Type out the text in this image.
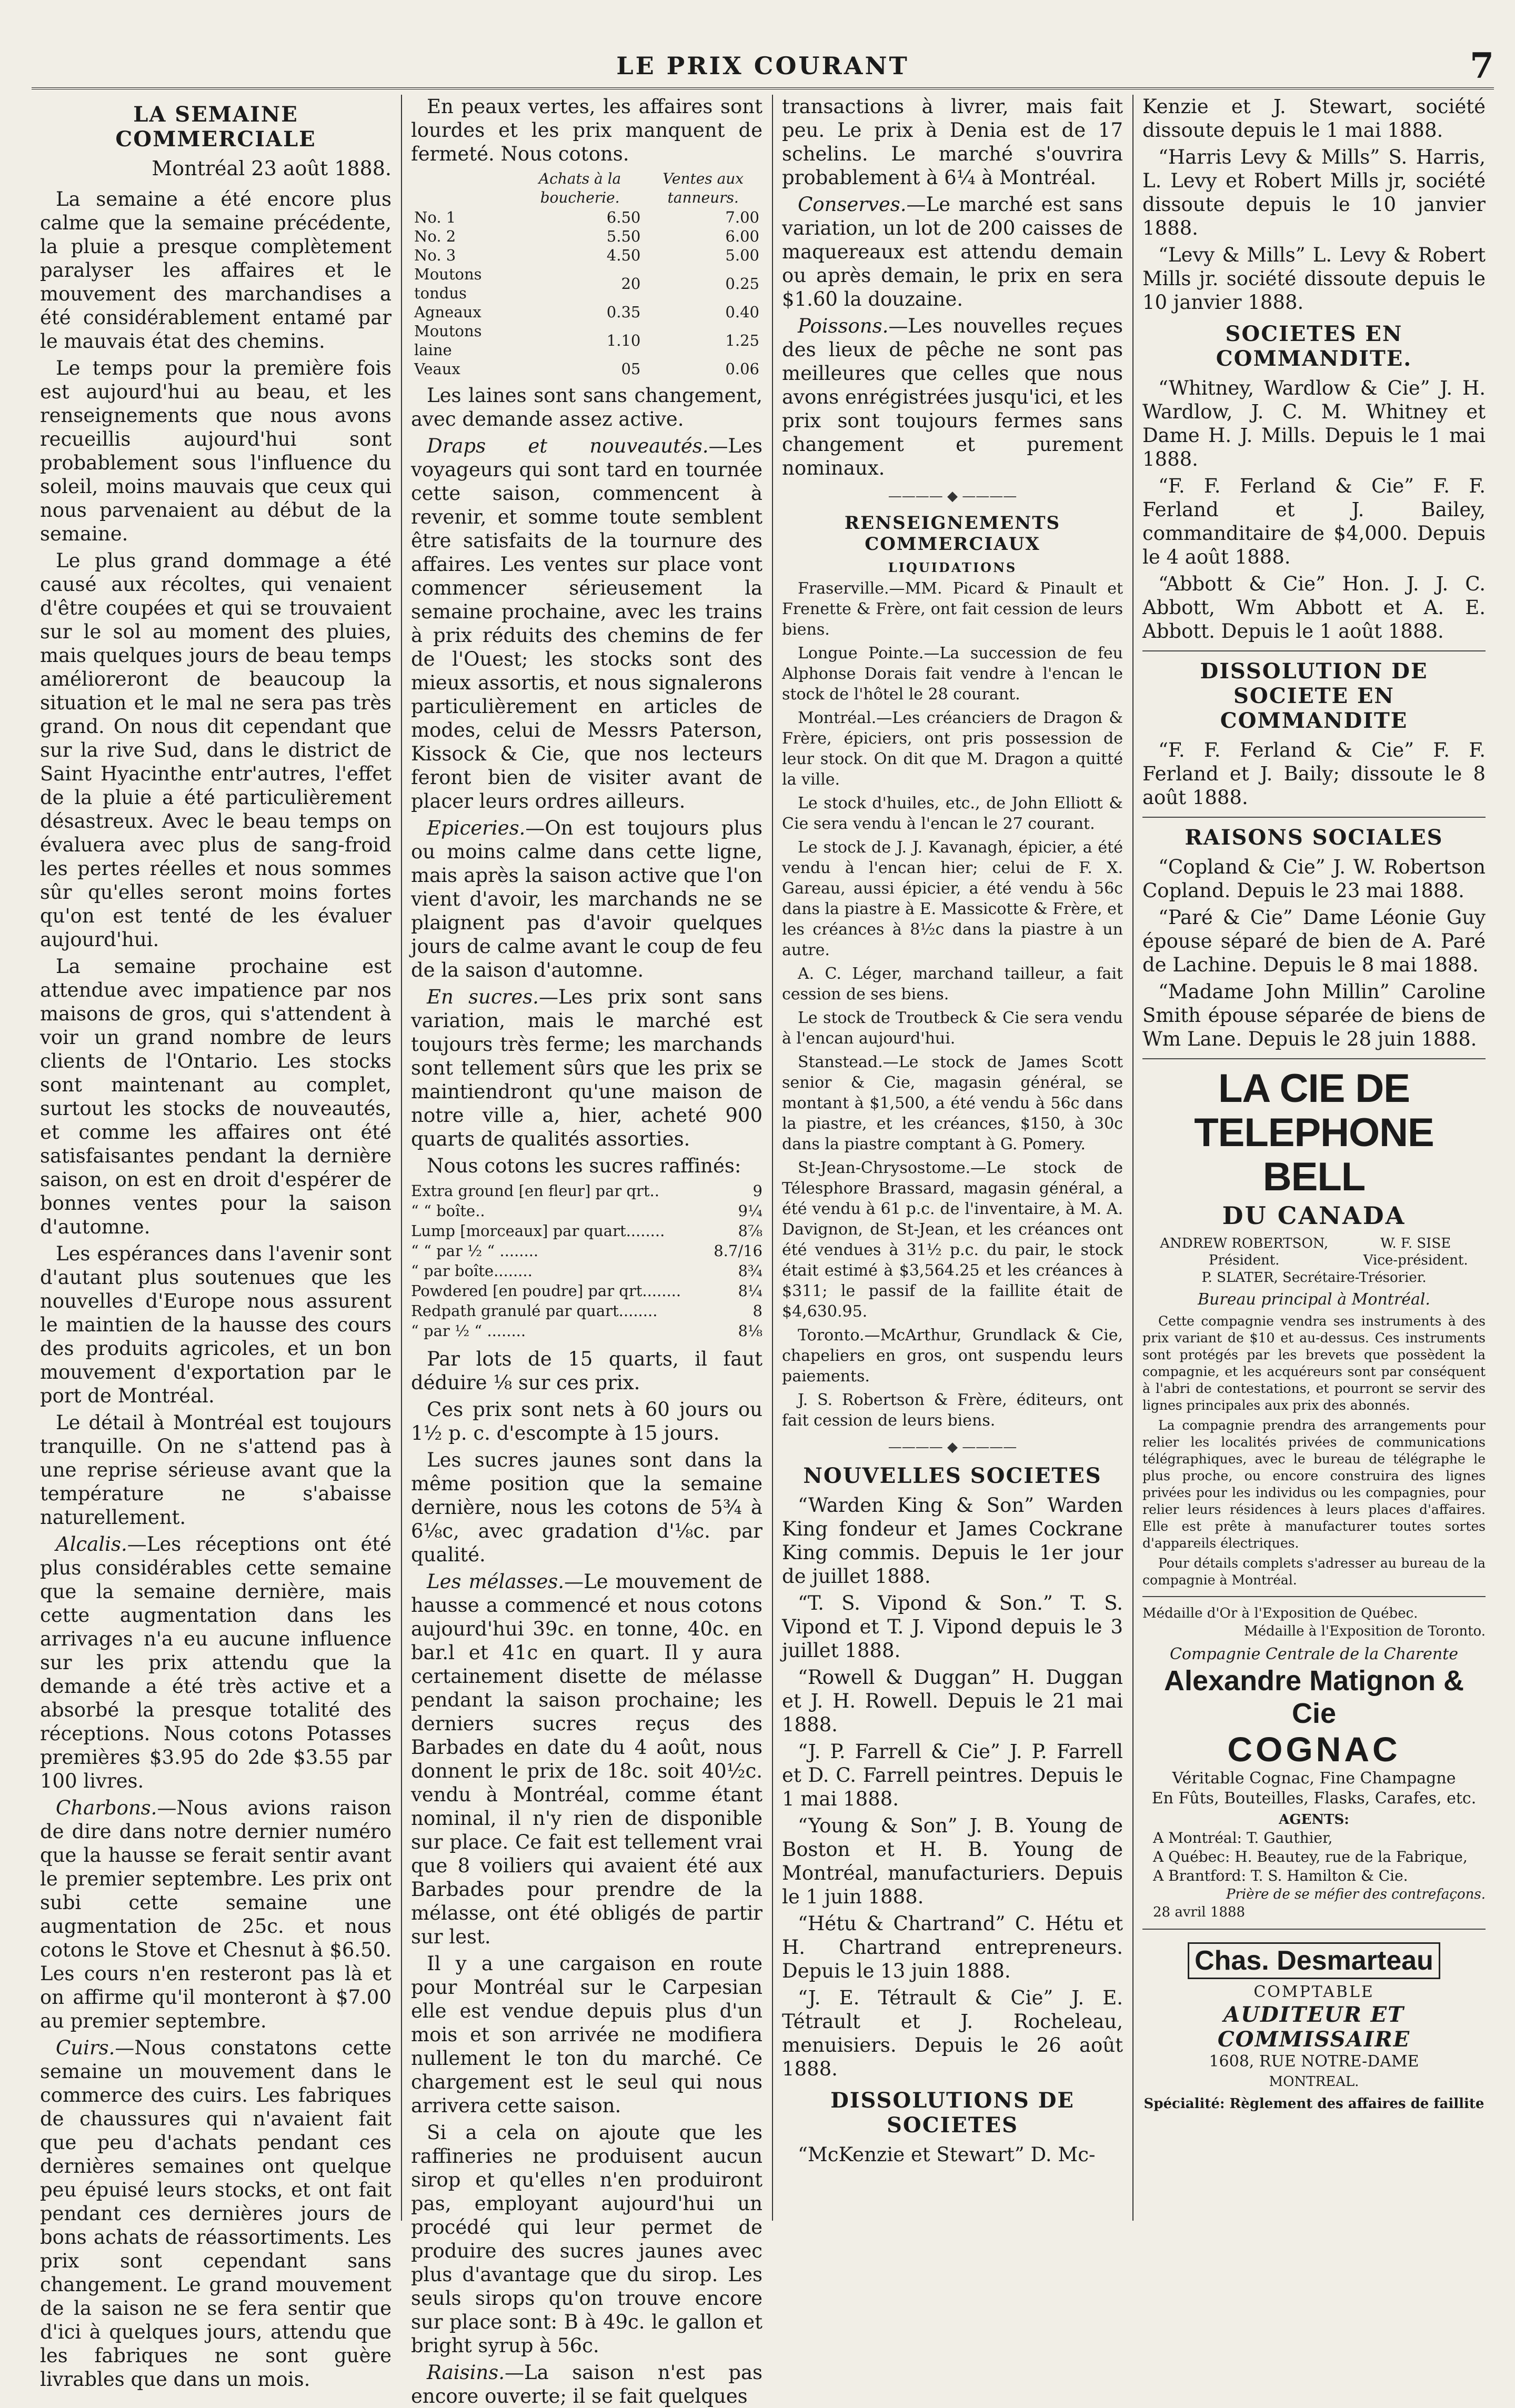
LE PRIX COURANT	7
LA SEMAINE COMMERCIALE
Montréal 23 août 1888.

La semaine a été encore plus calme que la semaine précédente, la pluie a presque complètement paralyser les affaires et le mouvement des marchandises a été considérablement entamé par le mauvais état des chemins.

Le temps pour la première fois est aujourd'hui au beau, et les renseignements que nous avons recueillis aujourd'hui sont probablement sous l'influence du soleil, moins mauvais que ceux qui nous parvenaient au début de la semaine.

Le plus grand dommage a été causé aux récoltes, qui venaient d'être coupées et qui se trouvaient sur le sol au moment des pluies, mais quelques jours de beau temps amélioreront de beaucoup la situation et le mal ne sera pas très grand. On nous dit cependant que sur la rive Sud, dans le district de Saint Hyacinthe entr'autres, l'effet de la pluie a été particulièrement désastreux. Avec le beau temps on évaluera avec plus de sang-froid les pertes réelles et nous sommes sûr qu'elles seront moins fortes qu'on est tenté de les évaluer aujourd'hui.

La semaine prochaine est attendue avec impatience par nos maisons de gros, qui s'attendent à voir un grand nombre de leurs clients de l'Ontario. Les stocks sont maintenant au complet, surtout les stocks de nouveautés, et comme les affaires ont été satisfaisantes pendant la dernière saison, on est en droit d'espérer de bonnes ventes pour la saison d'automne.

Les espérances dans l'avenir sont d'autant plus soutenues que les nouvelles d'Europe nous assurent le maintien de la hausse des cours des produits agricoles, et un bon mouvement d'exportation par le port de Montréal.

Le détail à Montréal est toujours tranquille. On ne s'attend pas à une reprise sérieuse avant que la température ne s'abaisse naturellement.

Alcalis.—Les réceptions ont été plus considérables cette semaine que la semaine dernière, mais cette augmentation dans les arrivages n'a eu aucune influence sur les prix attendu que la demande a été très active et a absorbé la presque totalité des réceptions. Nous cotons Potasses premières $3.95 do 2de $3.55 par 100 livres.

Charbons.—Nous avions raison de dire dans notre dernier numéro que la hausse se ferait sentir avant le premier septembre. Les prix ont subi cette semaine une augmentation de 25c. et nous cotons le Stove et Chesnut à $6.50. Les cours n'en resteront pas là et on affirme qu'il monteront à $7.00 au premier septembre.

Cuirs.—Nous constatons cette semaine un mouvement dans le commerce des cuirs. Les fabriques de chaussures qui n'avaient fait que peu d'achats pendant ces dernières semaines ont quelque peu épuisé leurs stocks, et ont fait pendant ces dernières jours de bons achats de réassortiments. Les prix sont cependant sans changement. Le grand mouvement de la saison ne se fera sentir que d'ici à quelques jours, attendu que les fabriques ne sont guère livrables que dans un mois.

En peaux vertes, les affaires sont lourdes et les prix manquent de fermeté. Nous cotons.

	Achats à la boucherie.	Ventes aux tanneurs.
No. 1	6.50	7.00
No. 2	5.50	6.00
No. 3	4.50	5.00
Moutons tondus	20	0.25
Agneaux	0.35	0.40
Moutons laine	1.10	1.25
Veaux	05	0.06

Les laines sont sans changement, avec demande assez active.

Draps et nouveautés.—Les voyageurs qui sont tard en tournée cette saison, commencent à revenir, et somme toute semblent être satisfaits de la tournure des affaires. Les ventes sur place vont commencer sérieusement la semaine prochaine, avec les trains à prix réduits des chemins de fer de l'Ouest; les stocks sont des mieux assortis, et nous signalerons particulièrement en articles de modes, celui de Messrs Paterson, Kissock & Cie, que nos lecteurs feront bien de visiter avant de placer leurs ordres ailleurs.

Epiceries.—On est toujours plus ou moins calme dans cette ligne, mais après la saison active que l'on vient d'avoir, les marchands ne se plaignent pas d'avoir quelques jours de calme avant le coup de feu de la saison d'automne.

En sucres.—Les prix sont sans variation, mais le marché est toujours très ferme; les marchands sont tellement sûrs que les prix se maintiendront qu'une maison de notre ville a, hier, acheté 900 quarts de qualités assorties.

Nous cotons les sucres raffinés:

Extra ground [en fleur] par qrt..	9
“ “ boîte..	9¼
Lump [morceaux] par quart........	8⅞
“ “ par ½ “ ........	8.7/16
“ par boîte........	8¾
Powdered [en poudre] par qrt........	8¼
Redpath granulé par quart........	8
“ par ½ “ ........	8⅛

Par lots de 15 quarts, il faut déduire ⅛ sur ces prix.

Ces prix sont nets à 60 jours ou 1½ p. c. d'escompte à 15 jours.

Les sucres jaunes sont dans la même position que la semaine dernière, nous les cotons de 5¾ à 6⅛c, avec gradation d'⅛c. par qualité.

Les mélasses.—Le mouvement de hausse a commencé et nous cotons aujourd'hui 39c. en tonne, 40c. en bar.l et 41c en quart. Il y aura certainement disette de mélasse pendant la saison prochaine; les derniers sucres reçus des Barbades en date du 4 août, nous donnent le prix de 18c. soit 40½c. vendu à Montréal, comme étant nominal, il n'y rien de disponible sur place. Ce fait est tellement vrai que 8 voiliers qui avaient été aux Barbades pour prendre de la mélasse, ont été obligés de partir sur lest.

Il y a une cargaison en route pour Montréal sur le Carpesian elle est vendue depuis plus d'un mois et son arrivée ne modifiera nullement le ton du marché. Ce chargement est le seul qui nous arrivera cette saison.

Si a cela on ajoute que les raffineries ne produisent aucun sirop et qu'elles n'en produiront pas, employant aujourd'hui un procédé qui leur permet de produire des sucres jaunes avec plus d'avantage que du sirop. Les seuls sirops qu'on trouve encore sur place sont: B à 49c. le gallon et bright syrup à 56c.

Raisins.—La saison n'est pas encore ouverte; il se fait quelques

transactions à livrer, mais fait peu. Le prix à Denia est de 17 schelins. Le marché s'ouvrira probablement à 6¼ à Montréal.

Conserves.—Le marché est sans variation, un lot de 200 caisses de maquereaux est attendu demain ou après demain, le prix en sera $1.60 la douzaine.

Poissons.—Les nouvelles reçues des lieux de pêche ne sont pas meilleures que celles que nous avons enrégistrées jusqu'ici, et les prix sont toujours fermes sans changement et purement nominaux.

———— ◆ ————
RENSEIGNEMENTS COMMERCIAUX
LIQUIDATIONS

Fraserville.—MM. Picard & Pinault et Frenette & Frère, ont fait cession de leurs biens.

Longue Pointe.—La succession de feu Alphonse Dorais fait vendre à l'encan le stock de l'hôtel le 28 courant.

Montréal.—Les créanciers de Dragon & Frère, épiciers, ont pris possession de leur stock. On dit que M. Dragon a quitté la ville.

Le stock d'huiles, etc., de John Elliott & Cie sera vendu à l'encan le 27 courant.

Le stock de J. J. Kavanagh, épicier, a été vendu à l'encan hier; celui de F. X. Gareau, aussi épicier, a été vendu à 56c dans la piastre à E. Massicotte & Frère, et les créances à 8½c dans la piastre à un autre.

A. C. Léger, marchand tailleur, a fait cession de ses biens.

Le stock de Troutbeck & Cie sera vendu à l'encan aujourd'hui.

Stanstead.—Le stock de James Scott senior & Cie, magasin général, se montant à $1,500, a été vendu à 56c dans la piastre, et les créances, $150, à 30c dans la piastre comptant à G. Pomery.

St-Jean-Chrysostome.—Le stock de Télesphore Brassard, magasin général, a été vendu à 61 p.c. de l'inventaire, à M. A. Davignon, de St-Jean, et les créances ont été vendues à 31½ p.c. du pair, le stock était estimé à $3,564.25 et les créances à $311; le passif de la faillite était de $4,630.95.

Toronto.—McArthur, Grundlack & Cie, chapeliers en gros, ont suspendu leurs paiements.

J. S. Robertson & Frère, éditeurs, ont fait cession de leurs biens.

———— ◆ ————
NOUVELLES SOCIETES

“Warden King & Son” Warden King fondeur et James Cockrane King commis. Depuis le 1er jour de juillet 1888.

“T. S. Vipond & Son.” T. S. Vipond et T. J. Vipond depuis le 3 juillet 1888.

“Rowell & Duggan” H. Duggan et J. H. Rowell. Depuis le 21 mai 1888.

“J. P. Farrell & Cie” J. P. Farrell et D. C. Farrell peintres. Depuis le 1 mai 1888.

“Young & Son” J. B. Young de Boston et H. B. Young de Montréal, manufacturiers. Depuis le 1 juin 1888.

“Hétu & Chartrand” C. Hétu et H. Chartrand entrepreneurs. Depuis le 13 juin 1888.

“J. E. Tétrault & Cie” J. E. Tétrault et J. Rocheleau, menuisiers. Depuis le 26 août 1888.

DISSOLUTIONS DE SOCIETES

“McKenzie et Stewart” D. Mc-

Kenzie et J. Stewart, société dissoute depuis le 1 mai 1888.

“Harris Levy & Mills” S. Harris, L. Levy et Robert Mills jr, société dissoute depuis le 10 janvier 1888.

“Levy & Mills” L. Levy & Robert Mills jr. société dissoute depuis le 10 janvier 1888.

SOCIETES EN COMMANDITE.

“Whitney, Wardlow & Cie” J. H. Wardlow, J. C. M. Whitney et Dame H. J. Mills. Depuis le 1 mai 1888.

“F. F. Ferland & Cie” F. F. Ferland et J. Bailey, commanditaire de $4,000. Depuis le 4 août 1888.

“Abbott & Cie” Hon. J. J. C. Abbott, Wm Abbott et A. E. Abbott. Depuis le 1 août 1888.

DISSOLUTION DE SOCIETE EN COMMANDITE

“F. F. Ferland & Cie” F. F. Ferland et J. Baily; dissoute le 8 août 1888.

RAISONS SOCIALES

“Copland & Cie” J. W. Robertson Copland. Depuis le 23 mai 1888.

“Paré & Cie” Dame Léonie Guy épouse séparé de bien de A. Paré de Lachine. Depuis le 8 mai 1888.

“Madame John Millin” Caroline Smith épouse séparée de biens de Wm Lane. Depuis le 28 juin 1888.

LA CIE DE TELEPHONE BELL
DU CANADA
ANDREW ROBERTSON,
Président.
W. F. SISE
Vice-président.
P. SLATER, Secrétaire-Trésorier.
Bureau principal à Montréal.

Cette compagnie vendra ses instruments à des prix variant de $10 et au-dessus. Ces instruments sont protégés par les brevets que possèdent la compagnie, et les acquéreurs sont par conséquent à l'abri de contestations, et pourront se servir des lignes principales aux prix des abonnés.

La compagnie prendra des arrangements pour relier les localités privées de communications télégraphiques, avec le bureau de télégraphe le plus proche, ou encore construira des lignes privées pour les individus ou les compagnies, pour relier leurs résidences à leurs places d'affaires. Elle est prête à manufacturer toutes sortes d'appareils électriques.

Pour détails complets s'adresser au bureau de la compagnie à Montréal.

Médaille d'Or à l'Exposition de Québec.
Médaille à l'Exposition de Toronto.
Compagnie Centrale de la Charente
Alexandre Matignon & Cie
COGNAC
Véritable Cognac, Fine Champagne
En Fûts, Bouteilles, Flasks, Carafes, etc.
AGENTS:
A Montréal: T. Gauthier,
A Québec: H. Beautey, rue de la Fabrique,
A Brantford: T. S. Hamilton & Cie.
Prière de se méfier des contrefaçons.
28 avril 1888
Chas. Desmarteau
COMPTABLE
AUDITEUR ET COMMISSAIRE
1608, RUE NOTRE-DAME
MONTREAL.
Spécialité: Règlement des affaires de faillite
